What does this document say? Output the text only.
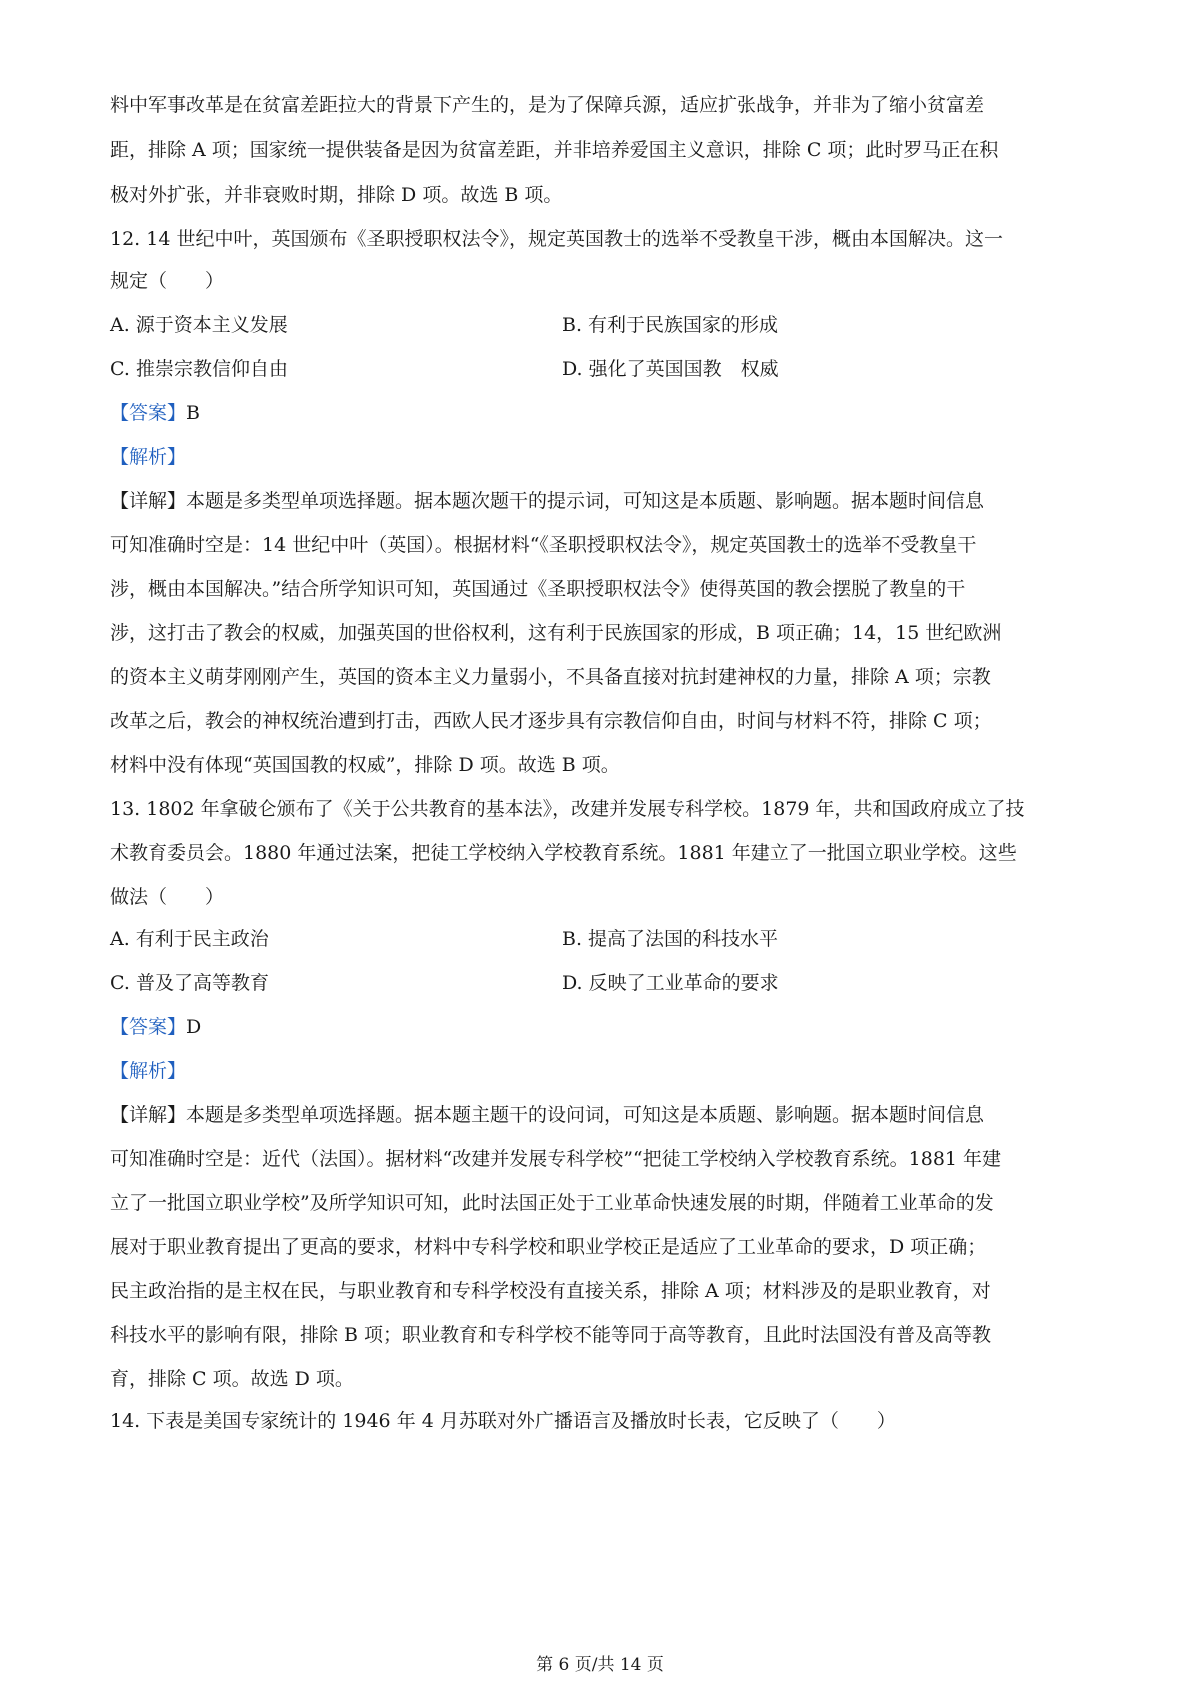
料中军事改革是在贫富差距拉大的背景下产生的，是为了保障兵源，适应扩张战争，并非为了缩小贫富差
距，排除 A 项；国家统一提供装备是因为贫富差距，并非培养爱国主义意识，排除 C 项；此时罗马正在积
极对外扩张，并非衰败时期，排除 D 项。故选 B 项。
12. 14 世纪中叶，英国颁布《圣职授职权法令》，规定英国教士的选举不受教皇干涉，概由本国解决。这一
规定（　　）
A. 源于资本主义发展	B. 有利于民族国家的形成
C. 推崇宗教信仰自由	D. 强化了英国国教　权威
【答案】B
【解析】
【详解】本题是多类型单项选择题。据本题次题干的提示词，可知这是本质题、影响题。据本题时间信息
可知准确时空是：14 世纪中叶（英国）。根据材料“《圣职授职权法令》，规定英国教士的选举不受教皇干
涉，概由本国解决。”结合所学知识可知，英国通过《圣职授职权法令》使得英国的教会摆脱了教皇的干
涉，这打击了教会的权威，加强英国的世俗权利，这有利于民族国家的形成，B 项正确；14，15 世纪欧洲
的资本主义萌芽刚刚产生，英国的资本主义力量弱小，不具备直接对抗封建神权的力量，排除 A 项；宗教
改革之后，教会的神权统治遭到打击，西欧人民才逐步具有宗教信仰自由，时间与材料不符，排除 C 项；
材料中没有体现“英国国教的权威”，排除 D 项。故选 B 项。
13. 1802 年拿破仑颁布了《关于公共教育的基本法》，改建并发展专科学校。1879 年，共和国政府成立了技
术教育委员会。1880 年通过法案，把徒工学校纳入学校教育系统。1881 年建立了一批国立职业学校。这些
做法（　　）
A. 有利于民主政治	B. 提高了法国的科技水平
C. 普及了高等教育	D. 反映了工业革命的要求
【答案】D
【解析】
【详解】本题是多类型单项选择题。据本题主题干的设问词，可知这是本质题、影响题。据本题时间信息
可知准确时空是：近代（法国）。据材料“改建并发展专科学校”“把徒工学校纳入学校教育系统。1881 年建
立了一批国立职业学校”及所学知识可知，此时法国正处于工业革命快速发展的时期，伴随着工业革命的发
展对于职业教育提出了更高的要求，材料中专科学校和职业学校正是适应了工业革命的要求，D 项正确；
民主政治指的是主权在民，与职业教育和专科学校没有直接关系，排除 A 项；材料涉及的是职业教育，对
科技水平的影响有限，排除 B 项；职业教育和专科学校不能等同于高等教育，且此时法国没有普及高等教
育，排除 C 项。故选 D 项。
14. 下表是美国专家统计的 1946 年 4 月苏联对外广播语言及播放时长表，它反映了（　　）
第 6 页/共 14 页
